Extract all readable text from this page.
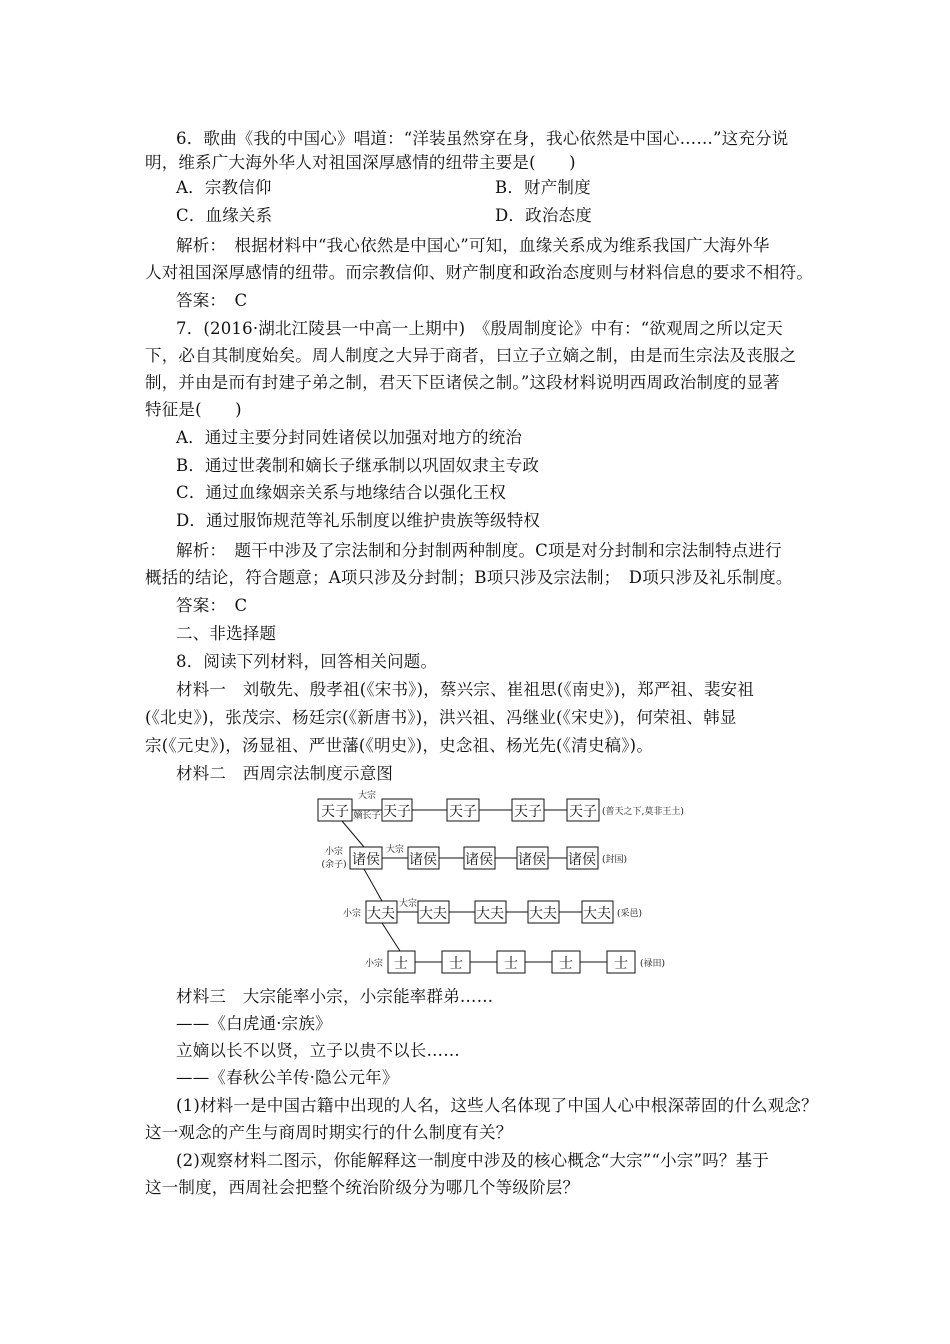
6．歌曲《我的中国心》唱道：“洋装虽然穿在身，我心依然是中国心……”这充分说
明，维系广大海外华人对祖国深厚感情的纽带主要是(　　)
A．宗教信仰	B．财产制度
C．血缘关系	D．政治态度
解析：　根据材料中“我心依然是中国心”可知，血缘关系成为维系我国广大海外华
人对祖国深厚感情的纽带。而宗教信仰、财产制度和政治态度则与材料信息的要求不相符。
答案：　C
7．(2016·湖北江陵县一中高一上期中)　《殷周制度论》中有：“欲观周之所以定天
下，必自其制度始矣。周人制度之大异于商者，曰立子立嫡之制，由是而生宗法及丧服之
制，并由是而有封建子弟之制，君天下臣诸侯之制。”这段材料说明西周政治制度的显著
特征是(　　)
A．通过主要分封同姓诸侯以加强对地方的统治
B．通过世袭制和嫡长子继承制以巩固奴隶主专政
C．通过血缘姻亲关系与地缘结合以强化王权
D．通过服饰规范等礼乐制度以维护贵族等级特权
解析：　题干中涉及了宗法制和分封制两种制度。C项是对分封制和宗法制特点进行
概括的结论，符合题意；A项只涉及分封制；B项只涉及宗法制；　D项只涉及礼乐制度。
答案：　C
二、非选择题
8．阅读下列材料，回答相关问题。
材料一　刘敬先、殷孝祖(《宋书》)，蔡兴宗、崔祖思(《南史》)，郑严祖、裴安祖
(《北史》)，张茂宗、杨廷宗(《新唐书》)，洪兴祖、冯继业(《宋史》)，何荣祖、韩显
宗(《元史》)，汤显祖、严世藩(《明史》)，史念祖、杨光先(《清史稿》)。
材料二　西周宗法制度示意图
天子
大宗
嫡长子 天子	天子	天子 天子 (普天之下,莫非王土)
小宗
(余子) 诸侯
大宗
诸侯 诸侯 诸侯 诸侯 (封国)
小宗 大夫
大宗
大夫 大夫 大夫 大夫 (采邑)
小宗 士	士	士	士	士 (禄田)
材料三　大宗能率小宗，小宗能率群弟……
——《白虎通·宗族》
立嫡以长不以贤，立子以贵不以长……
——《春秋公羊传·隐公元年》
(1)材料一是中国古籍中出现的人名，这些人名体现了中国人心中根深蒂固的什么观念？
这一观念的产生与商周时期实行的什么制度有关？
(2)观察材料二图示，你能解释这一制度中涉及的核心概念“大宗”“小宗”吗？基于
这一制度，西周社会把整个统治阶级分为哪几个等级阶层？
